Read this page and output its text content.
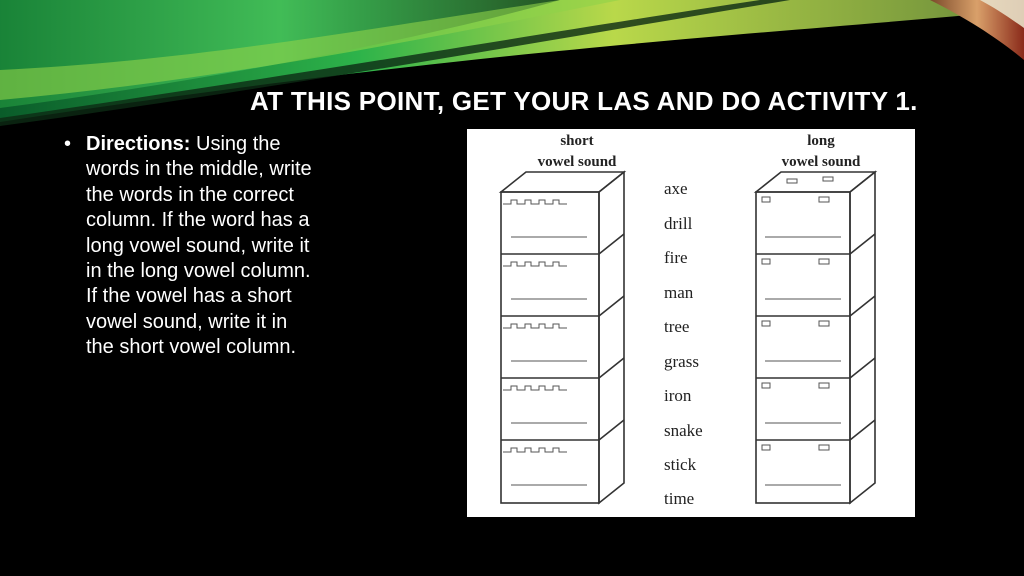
AT THIS POINT, GET YOUR LAS AND DO ACTIVITY 1.
• Directions: Using the words in the middle, write the words in the correct column. If the word has a long vowel sound, write it in the long vowel column. If the vowel has a short vowel sound, write it in the short vowel column.
short
vowel sound
long
vowel sound
axe
drill
fire
man
tree
grass
iron
snake
stick
time
